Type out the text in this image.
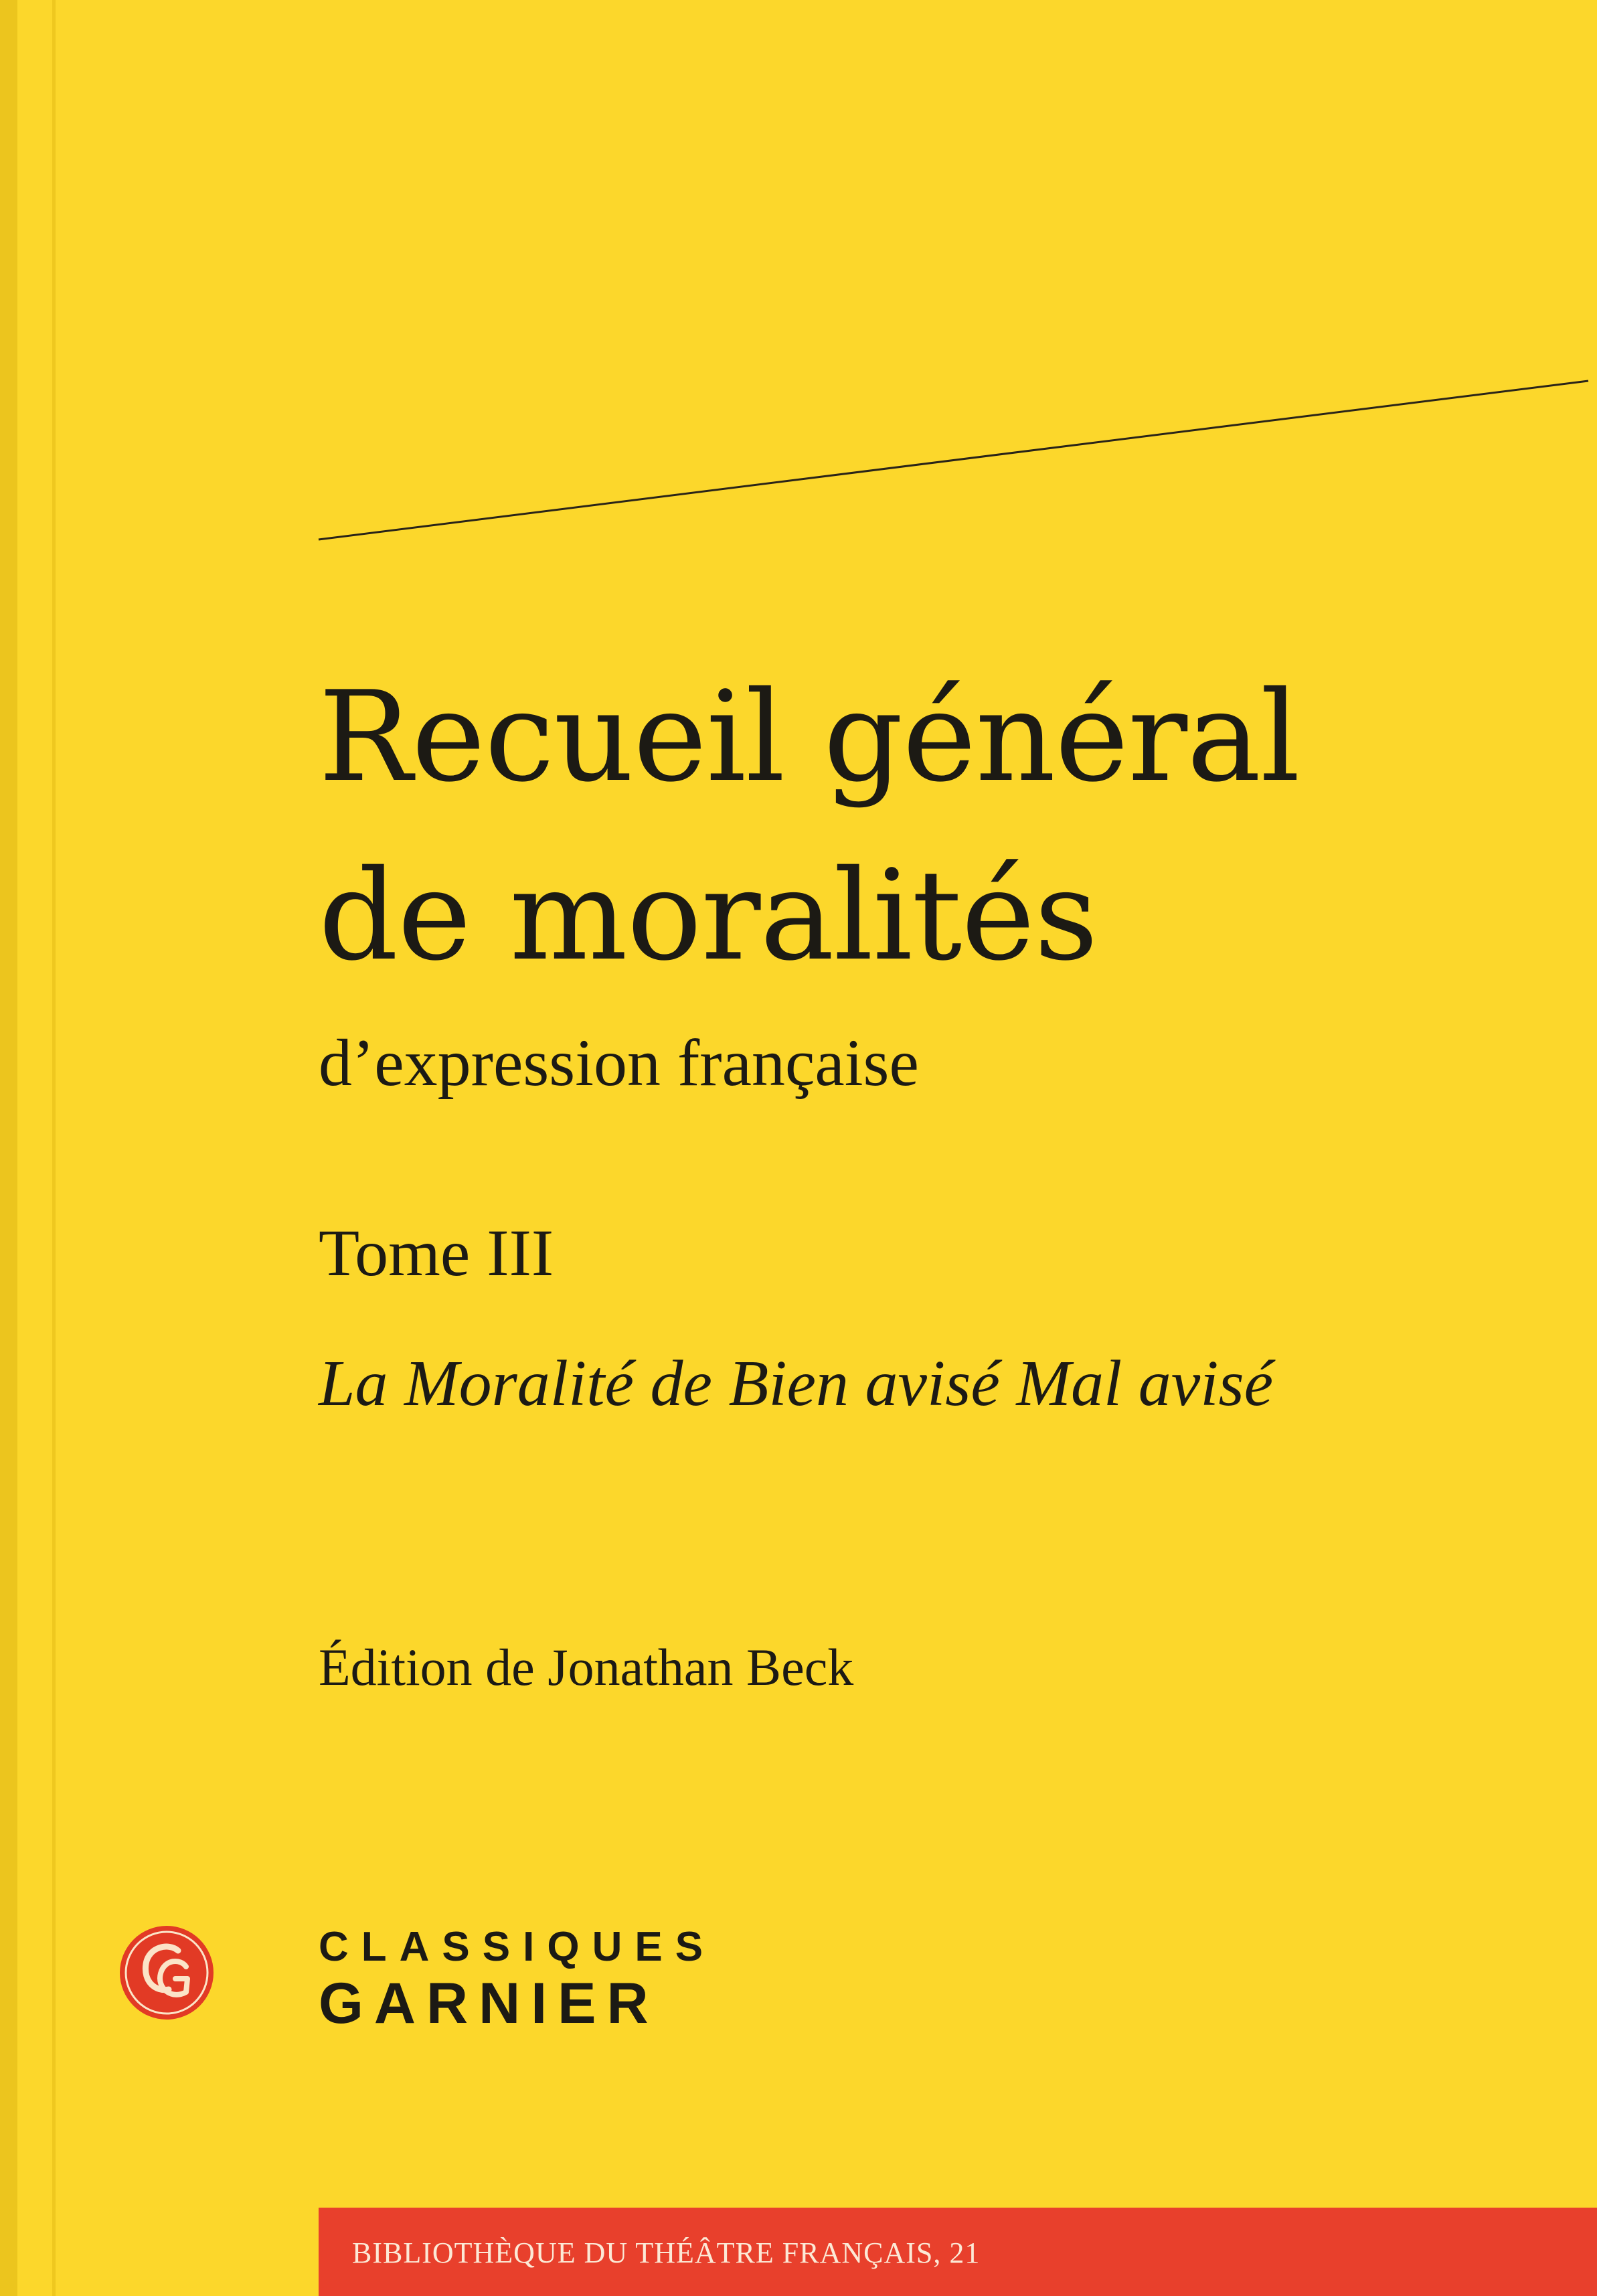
Recueil général
de moralités
d’expression française
Tome III
La Moralité de Bien avisé Mal avisé
Édition de Jonathan Beck
CLASSIQUES
GARNIER
BIBLIOTHÈQUE DU THÉÂTRE FRANÇAIS, 21
